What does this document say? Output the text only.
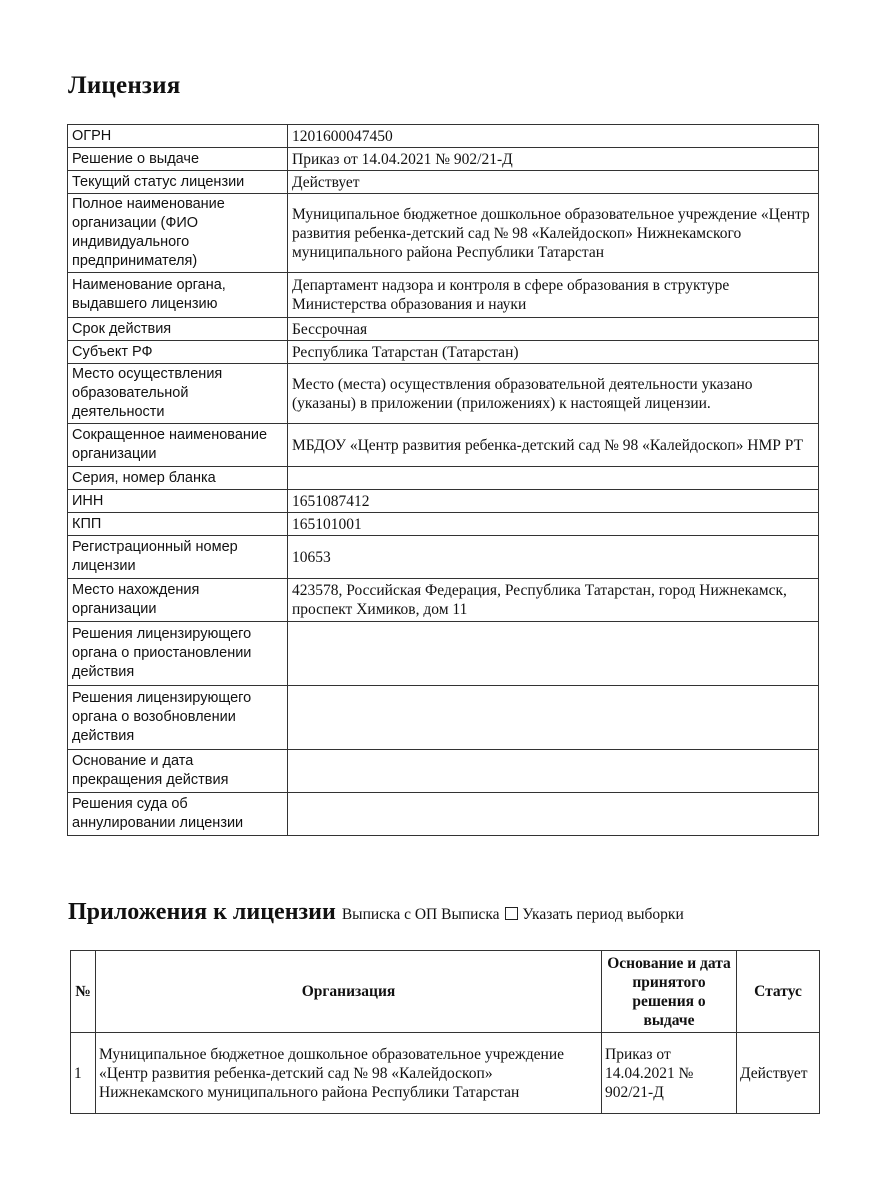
Лицензия
ОГРН	1201600047450
Решение о выдаче	Приказ от 14.04.2021 № 902/21-Д
Текущий статус лицензии	Действует
Полное наименование организации (ФИО индивидуального предпринимателя)	Муниципальное бюджетное дошкольное образовательное учреждение «Центр развития ребенка-детский сад № 98 «Калейдоскоп» Нижнекамского муниципального района Республики Татарстан
Наименование органа, выдавшего лицензию	Департамент надзора и контроля в сфере образования в структуре Министерства образования и науки
Срок действия	Бессрочная
Субъект РФ	Республика Татарстан (Татарстан)
Место осуществления образовательной деятельности	Место (места) осуществления образовательной деятельности указано (указаны) в приложении (приложениях) к настоящей лицензии.
Сокращенное наименование организации	МБДОУ «Центр развития ребенка-детский сад № 98 «Калейдоскоп» НМР РТ
Серия, номер бланка	
ИНН	1651087412
КПП	165101001
Регистрационный номер лицензии	10653
Место нахождения организации	423578, Российская Федерация, Республика Татарстан, город Нижнекамск, проспект Химиков, дом 11
Решения лицензирующего органа о приостановлении действия	
Решения лицензирующего органа о возобновлении действия	
Основание и дата прекращения действия	
Решения суда об аннулировании лицензии	
Приложения к лицензии Выписка с ОП Выписка Указать период выборки
№	Организация	Основание и дата принятого решения о выдаче	Статус
1	Муниципальное бюджетное дошкольное образовательное учреждение «Центр развития ребенка-детский сад № 98 «Калейдоскоп» Нижнекамского муниципального района Республики Татарстан	Приказ от 14.04.2021 № 902/21-Д	Действует
